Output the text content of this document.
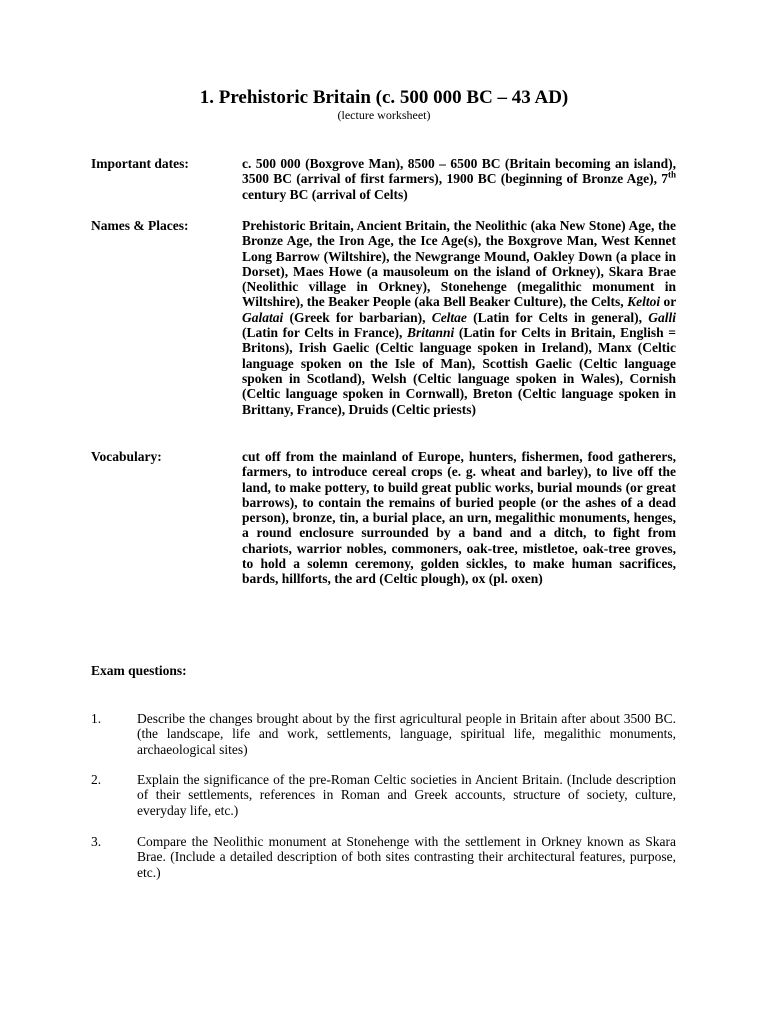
1. Prehistoric Britain (c. 500 000 BC – 43 AD)
(lecture worksheet)
Important dates:	c. 500 000 (Boxgrove Man), 8500 – 6500 BC (Britain becoming an island), 3500 BC (arrival of first farmers), 1900 BC (beginning of Bronze Age), 7th century BC (arrival of Celts)
Names & Places:	Prehistoric Britain, Ancient Britain, the Neolithic (aka New Stone) Age, the Bronze Age, the Iron Age, the Ice Age(s), the Boxgrove Man, West Kennet Long Barrow (Wiltshire), the Newgrange Mound, Oakley Down (a place in Dorset), Maes Howe (a mausoleum on the island of Orkney), Skara Brae (Neolithic village in Orkney), Stonehenge (megalithic monument in Wiltshire), the Beaker People (aka Bell Beaker Culture), the Celts, Keltoi or Galatai (Greek for barbarian), Celtae (Latin for Celts in general), Galli (Latin for Celts in France), Britanni (Latin for Celts in Britain, English = Britons), Irish Gaelic (Celtic language spoken in Ireland), Manx (Celtic language spoken on the Isle of Man), Scottish Gaelic (Celtic language spoken in Scotland), Welsh (Celtic language spoken in Wales), Cornish (Celtic language spoken in Cornwall), Breton (Celtic language spoken in Brittany, France), Druids (Celtic priests)
Vocabulary:	cut off from the mainland of Europe, hunters, fishermen, food gatherers, farmers, to introduce cereal crops (e. g. wheat and barley), to live off the land, to make pottery, to build great public works, burial mounds (or great barrows), to contain the remains of buried people (or the ashes of a dead person), bronze, tin, a burial place, an urn, megalithic monuments, henges, a round enclosure surrounded by a band and a ditch, to fight from chariots, warrior nobles, commoners, oak-tree, mistletoe, oak-tree groves, to hold a solemn ceremony, golden sickles, to make human sacrifices, bards, hillforts, the ard (Celtic plough), ox (pl. oxen)
Exam questions:
1.	Describe the changes brought about by the first agricultural people in Britain after about 3500 BC. (the landscape, life and work, settlements, language, spiritual life, megalithic monuments, archaeological sites)
2.	Explain the significance of the pre-Roman Celtic societies in Ancient Britain. (Include description of their settlements, references in Roman and Greek accounts, structure of society, culture, everyday life, etc.)
3.	Compare the Neolithic monument at Stonehenge with the settlement in Orkney known as Skara Brae. (Include a detailed description of both sites contrasting their architectural features, purpose, etc.)
